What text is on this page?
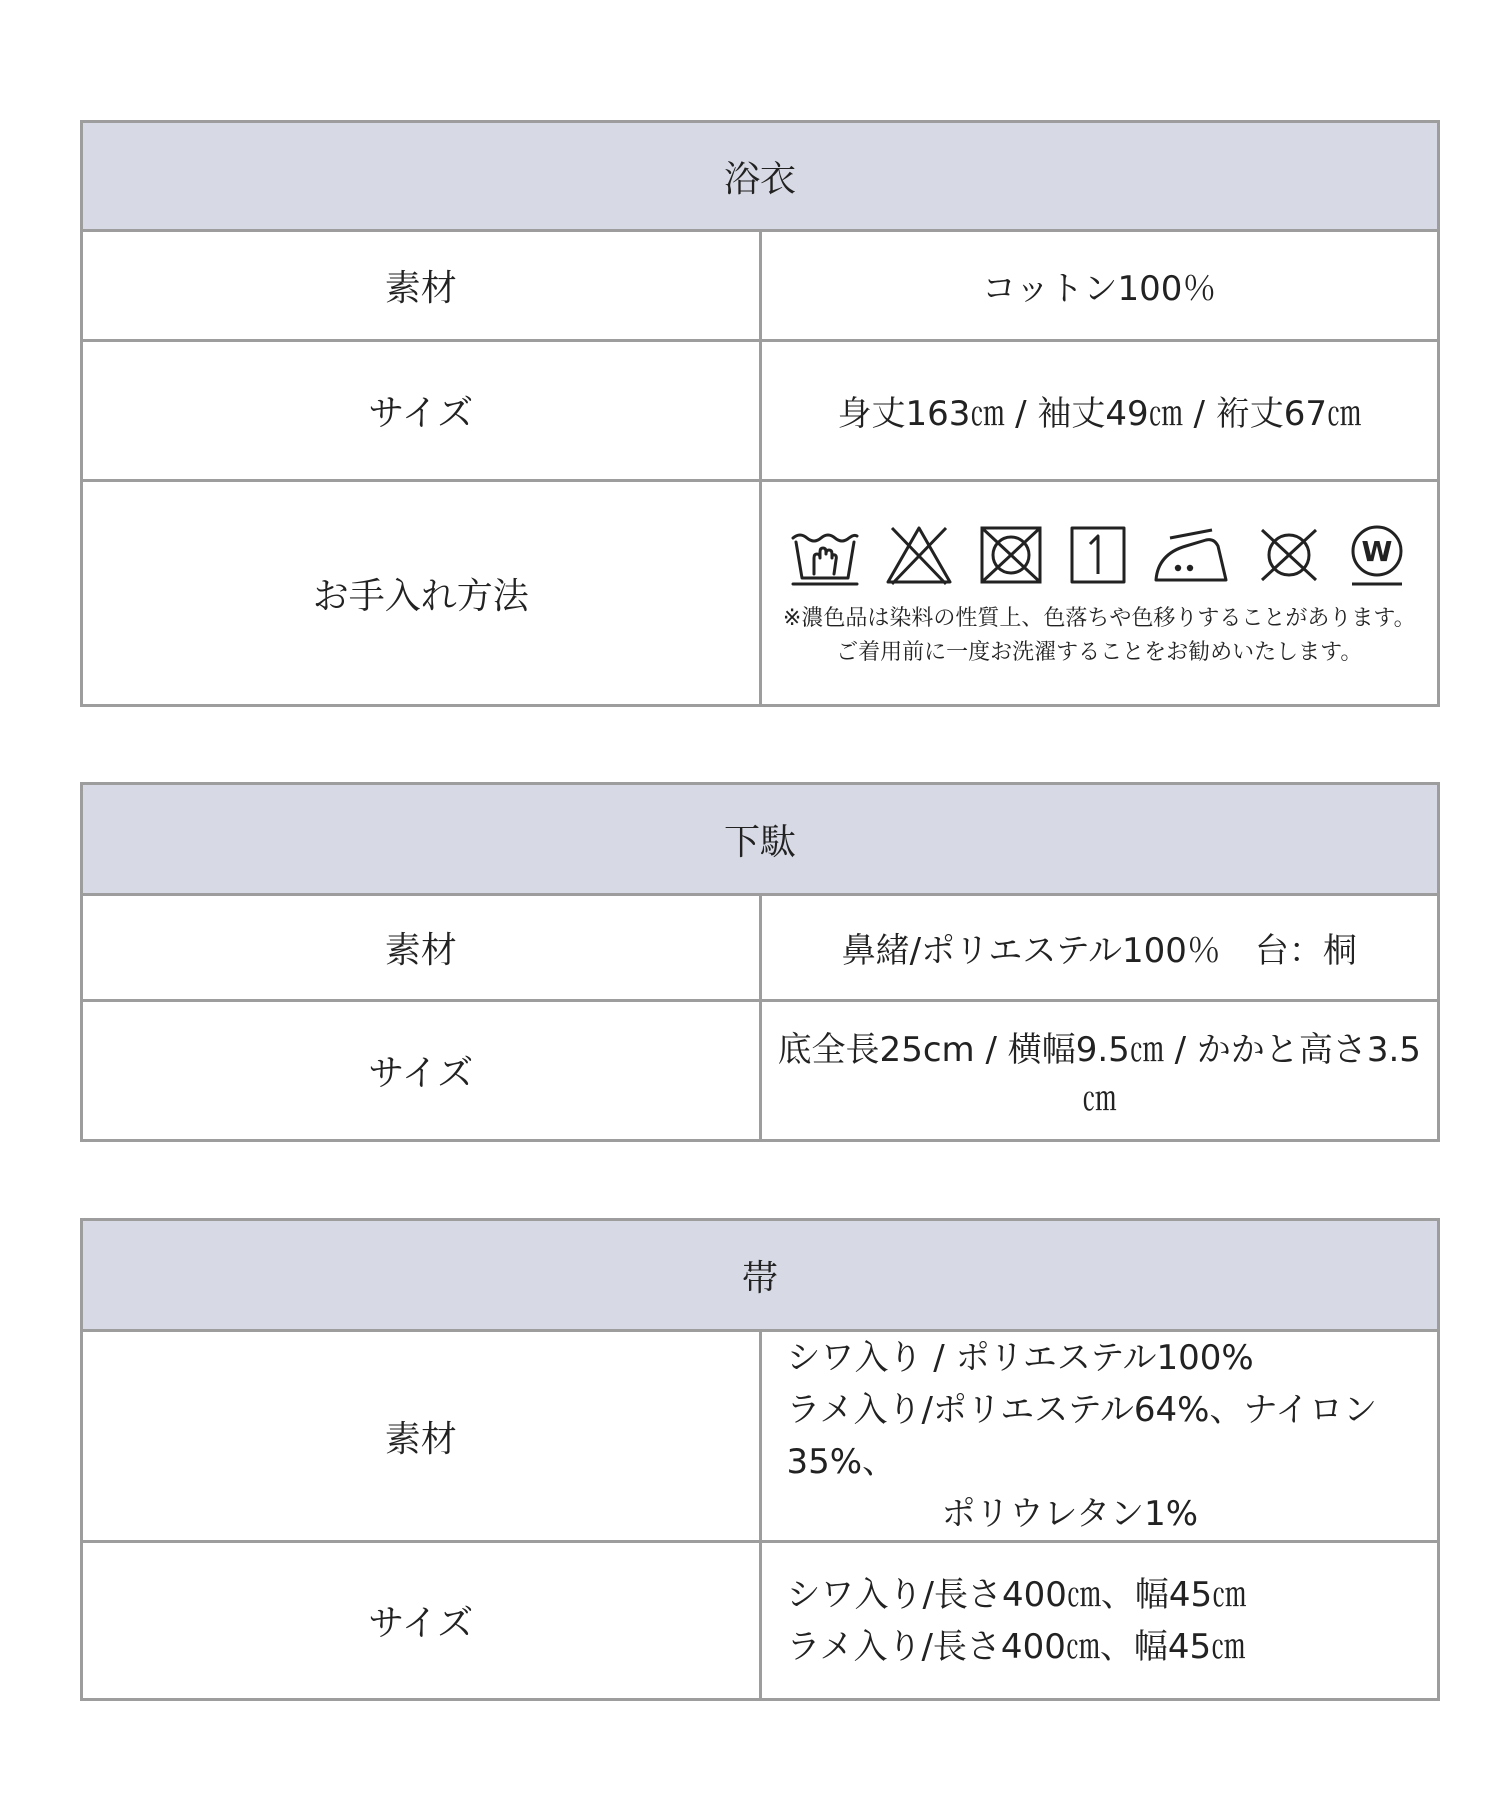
浴衣	
素材	コットン100％
サイズ	身丈163㎝ / 袖丈49㎝ / 裄丈67㎝
お手入れ方法	W
※濃色品は染料の性質上、色落ちや色移りすることがあります。
ご着用前に一度お洗濯することをお勧めいたします。
下駄	
素材	鼻緒/ポリエステル100％　台：桐
サイズ	底全長25cm / 横幅9.5㎝ / かかと高さ3.5㎝
帯	
素材	シワ入り / ポリエステル100%
ラメ入り/ポリエステル64%、ナイロン35%、
ポリウレタン1%

サイズ	シワ入り/長さ400㎝、幅45㎝
ラメ入り/長さ400㎝、幅45㎝
